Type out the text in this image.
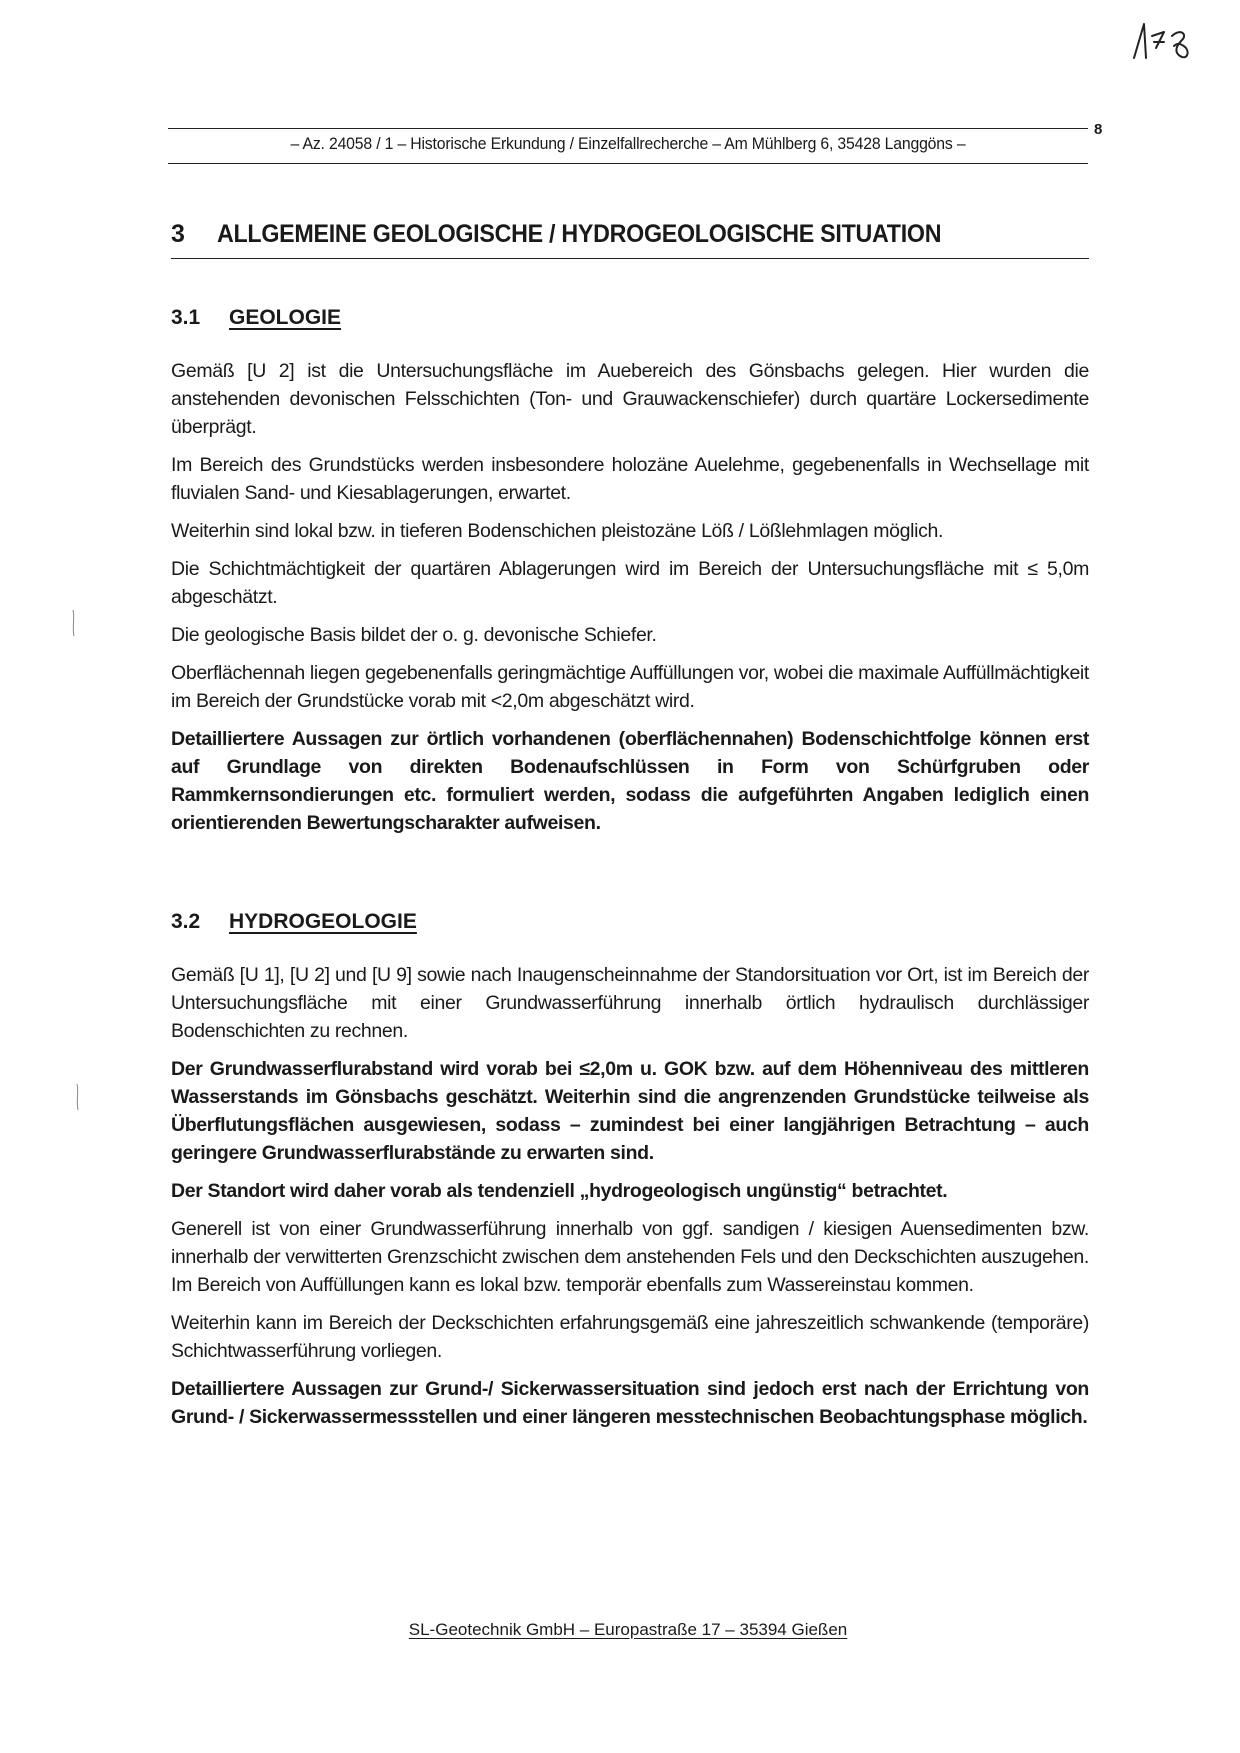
– Az. 24058 / 1 – Historische Erkundung / Einzelfallrecherche – Am Mühlberg 6, 35428 Langgöns –
8
3 ALLGEMEINE GEOLOGISCHE / HYDROGEOLOGISCHE SITUATION
3.1 GEOLOGIE

Gemäß [U 2] ist die Untersuchungsfläche im Auebereich des Gönsbachs gelegen. Hier wurden die anstehenden devonischen Felsschichten (Ton- und Grauwackenschiefer) durch quartäre Lockersedimente überprägt.

Im Bereich des Grundstücks werden insbesondere holozäne Auelehme, gegebenenfalls in Wechsellage mit fluvialen Sand- und Kiesablagerungen, erwartet.

Weiterhin sind lokal bzw. in tieferen Bodenschichen pleistozäne Löß / Lößlehmlagen möglich.

Die Schichtmächtigkeit der quartären Ablagerungen wird im Bereich der Untersuchungsfläche mit ≤ 5,0m abgeschätzt.

Die geologische Basis bildet der o. g. devonische Schiefer.

Oberflächennah liegen gegebenenfalls geringmächtige Auffüllungen vor, wobei die maximale Auffüllmächtigkeit im Bereich der Grundstücke vorab mit <2,0m abgeschätzt wird.

Detailliertere Aussagen zur örtlich vorhandenen (oberflächennahen) Bodenschichtfolge können erst auf Grundlage von direkten Bodenaufschlüssen in Form von Schürfgruben oder Rammkernsondierungen etc. formuliert werden, sodass die aufgeführten Angaben lediglich einen orientierenden Bewertungscharakter aufweisen.

3.2 HYDROGEOLOGIE

Gemäß [U 1], [U 2] und [U 9] sowie nach Inaugenscheinnahme der Standorsituation vor Ort, ist im Bereich der Untersuchungsfläche mit einer Grundwasserführung innerhalb örtlich hydraulisch durchlässiger Bodenschichten zu rechnen.

Der Grundwasserflurabstand wird vorab bei ≤2,0m u. GOK bzw. auf dem Höhenniveau des mittleren Wasserstands im Gönsbachs geschätzt. Weiterhin sind die angrenzenden Grundstücke teilweise als Überflutungsflächen ausgewiesen, sodass – zumindest bei einer langjährigen Betrachtung – auch geringere Grundwasserflurabstände zu erwarten sind.

Der Standort wird daher vorab als tendenziell „hydrogeologisch ungünstig“ betrachtet.

Generell ist von einer Grundwasserführung innerhalb von ggf. sandigen / kiesigen Auensedimenten bzw. innerhalb der verwitterten Grenzschicht zwischen dem anstehenden Fels und den Deckschichten auszugehen. Im Bereich von Auffüllungen kann es lokal bzw. temporär ebenfalls zum Wassereinstau kommen.

Weiterhin kann im Bereich der Deckschichten erfahrungsgemäß eine jahreszeitlich schwankende (temporäre) Schichtwasserführung vorliegen.

Detailliertere Aussagen zur Grund-/ Sickerwassersituation sind jedoch erst nach der Errichtung von Grund- / Sickerwassermessstellen und einer längeren messtechnischen Beobachtungsphase möglich.

SL-Geotechnik GmbH – Europastraße 17 – 35394 Gießen
